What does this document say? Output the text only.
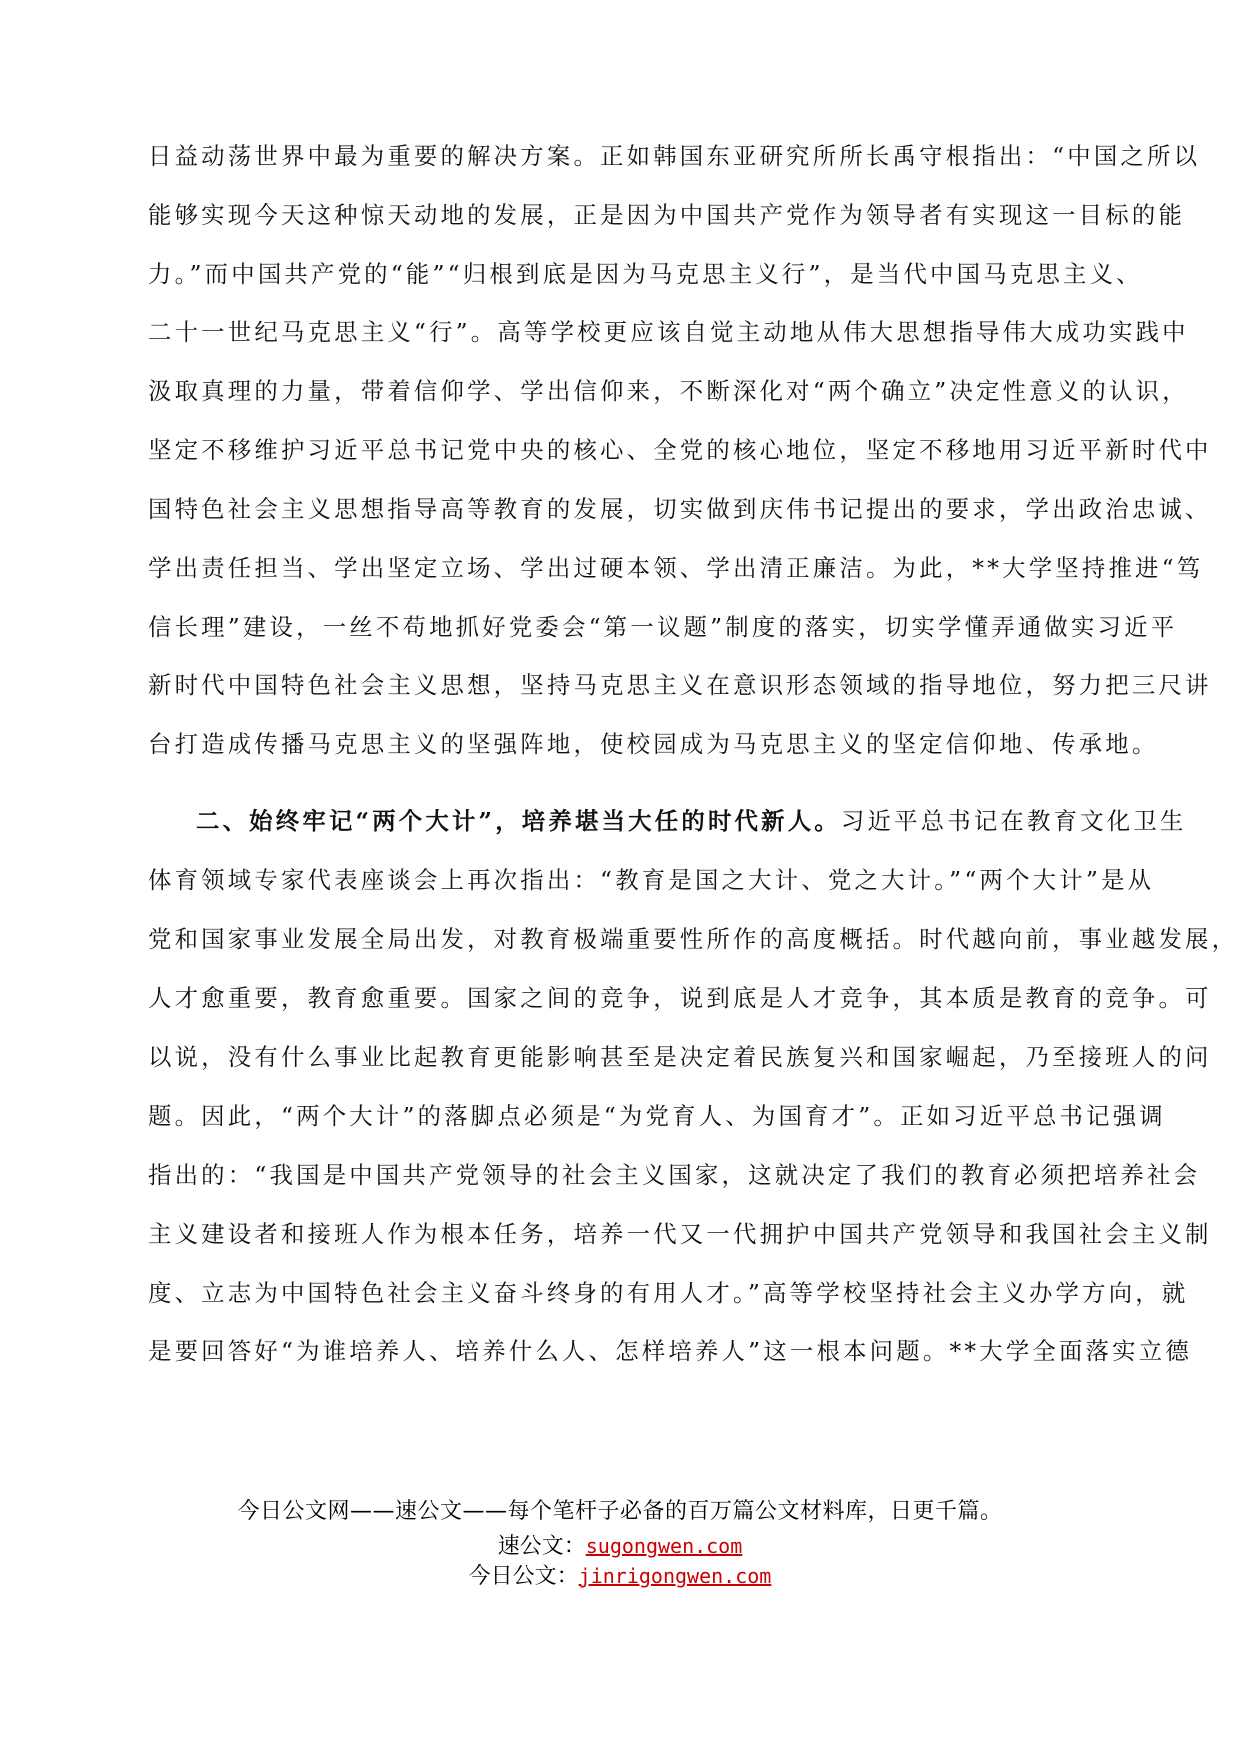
日益动荡世界中最为重要的解决方案。正如韩国东亚研究所所长禹守根指出：“中国之所以
能够实现今天这种惊天动地的发展，正是因为中国共产党作为领导者有实现这一目标的能
力。”而中国共产党的“能”“归根到底是因为马克思主义行”，是当代中国马克思主义、
二十一世纪马克思主义“行”。高等学校更应该自觉主动地从伟大思想指导伟大成功实践中
汲取真理的力量，带着信仰学、学出信仰来，不断深化对“两个确立”决定性意义的认识，
坚定不移维护习近平总书记党中央的核心、全党的核心地位，坚定不移地用习近平新时代中
国特色社会主义思想指导高等教育的发展，切实做到庆伟书记提出的要求，学出政治忠诚、
学出责任担当、学出坚定立场、学出过硬本领、学出清正廉洁。为此，**大学坚持推进“笃
信长理”建设，一丝不苟地抓好党委会“第一议题”制度的落实，切实学懂弄通做实习近平
新时代中国特色社会主义思想，坚持马克思主义在意识形态领域的指导地位，努力把三尺讲
台打造成传播马克思主义的坚强阵地，使校园成为马克思主义的坚定信仰地、传承地。
二、始终牢记“两个大计”，培养堪当大任的时代新人。习近平总书记在教育文化卫生
体育领域专家代表座谈会上再次指出：“教育是国之大计、党之大计。”“两个大计”是从
党和国家事业发展全局出发，对教育极端重要性所作的高度概括。时代越向前，事业越发展，
人才愈重要，教育愈重要。国家之间的竞争，说到底是人才竞争，其本质是教育的竞争。可
以说，没有什么事业比起教育更能影响甚至是决定着民族复兴和国家崛起，乃至接班人的问
题。因此，“两个大计”的落脚点必须是“为党育人、为国育才”。正如习近平总书记强调
指出的：“我国是中国共产党领导的社会主义国家，这就决定了我们的教育必须把培养社会
主义建设者和接班人作为根本任务，培养一代又一代拥护中国共产党领导和我国社会主义制
度、立志为中国特色社会主义奋斗终身的有用人才。”高等学校坚持社会主义办学方向，就
是要回答好“为谁培养人、培养什么人、怎样培养人”这一根本问题。**大学全面落实立德
今日公文网——速公文——每个笔杆子必备的百万篇公文材料库，日更千篇。
速公文：sugongwen.com
今日公文：jinrigongwen.com
